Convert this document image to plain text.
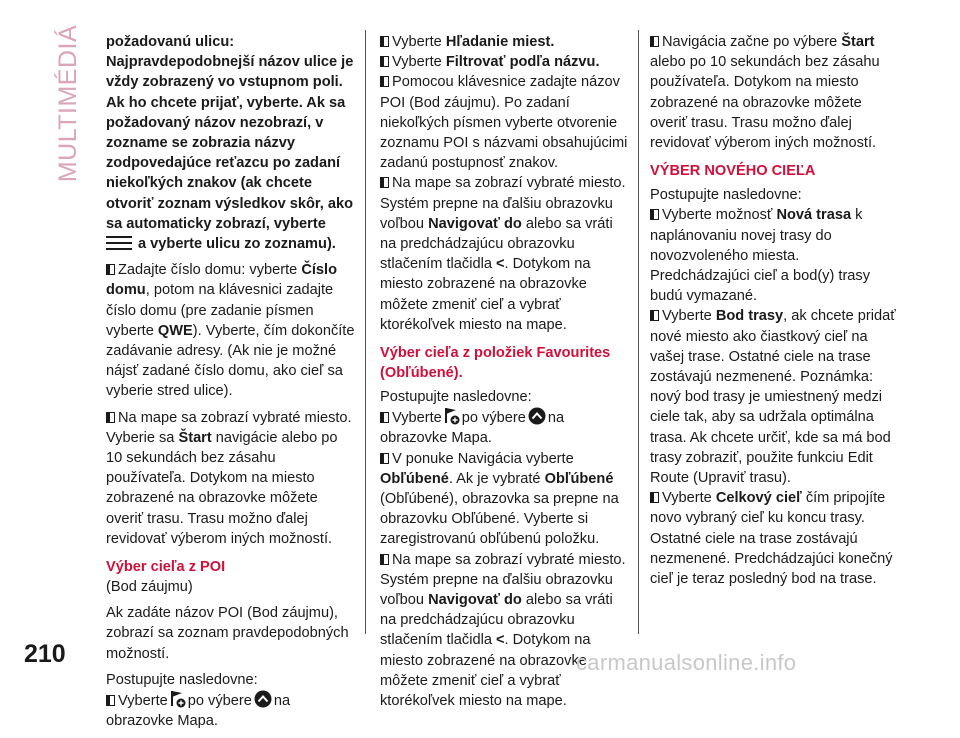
MULTIMÉDIÁ požadovanú ulicu: Najpravdepodobnejší názov ulice je vždy zobrazený vo vstupnom poli. Ak ho chcete prijať, vyberte. Ak sa požadovaný názov nezobrazí, v zozname se zobrazia názvy zodpovedajúce reťazcu po zadaní niekoľkých znakov (ak chcete otvoriť zoznam výsledkov skôr, ako sa automaticky zobrazí, vyberte
a vyberte ulicu zo zoznamu).

Zadajte číslo domu: vyberte Číslo domu, potom na klávesnici zadajte číslo domu (pre zadanie písmen vyberte QWE). Vyberte, čím dokončíte zadávanie adresy. (Ak nie je možné nájsť zadané číslo domu, ako cieľ sa vyberie stred ulice).

Na mape sa zobrazí vybraté miesto. Vyberie sa Štart navigácie alebo po 10 sekundách bez zásahu používateľa. Dotykom na miesto zobrazené na obrazovke môžete overiť trasu. Trasu možno ďalej revidovať výberom iných možností.

Výber cieľa z POI

(Bod záujmu)

Ak zadáte názov POI (Bod záujmu), zobrazí sa zoznam pravdepodobných možností.

Postupujte nasledovne:

Vyberte po výbere na obrazovke Mapa.

Vyberte Hľadanie miest.

Vyberte Filtrovať podľa názvu.

Pomocou klávesnice zadajte názov POI (Bod záujmu). Po zadaní niekoľkých písmen vyberte otvorenie zoznamu POI s názvami obsahujúcimi zadanú postupnosť znakov.

Na mape sa zobrazí vybraté miesto. Systém prepne na ďalšiu obrazovku voľbou Navigovať do alebo sa vráti na predchádzajúcu obrazovku stlačením tlačidla <. Dotykom na miesto zobrazené na obrazovke môžete zmeniť cieľ a vybrať ktorékoľvek miesto na mape.

Výber cieľa z položiek Favourites (Obľúbené).

Postupujte nasledovne:

Vyberte po výbere na obrazovke Mapa.

V ponuke Navigácia vyberte Obľúbené. Ak je vybraté Obľúbené (Obľúbené), obrazovka sa prepne na obrazovku Obľúbené. Vyberte si zaregistrovanú obľúbenú položku.

Na mape sa zobrazí vybraté miesto. Systém prepne na ďalšiu obrazovku voľbou Navigovať do alebo sa vráti na predchádzajúcu obrazovku stlačením tlačidla <. Dotykom na miesto zobrazené na obrazovke môžete zmeniť cieľ a vybrať ktorékoľvek miesto na mape.

Navigácia začne po výbere Štart alebo po 10 sekundách bez zásahu používateľa. Dotykom na miesto zobrazené na obrazovke môžete overiť trasu. Trasu možno ďalej revidovať výberom iných možností.

VÝBER NOVÉHO CIEĽA

Postupujte nasledovne:

Vyberte možnosť Nová trasa k naplánovaniu novej trasy do novozvoleného miesta. Predchádzajúci cieľ a bod(y) trasy budú vymazané.

Vyberte Bod trasy, ak chcete pridať nové miesto ako čiastkový cieľ na vašej trase. Ostatné ciele na trase zostávajú nezmenené. Poznámka: nový bod trasy je umiestnený medzi ciele tak, aby sa udržala optimálna trasa. Ak chcete určiť, kde sa má bod trasy zobraziť, použite funkciu Edit Route (Upraviť trasu).

Vyberte Celkový cieľ čím pripojíte novo vybraný cieľ ku koncu trasy. Ostatné ciele na trase zostávajú nezmenené. Predchádzajúci konečný cieľ je teraz posledný bod na trase.

210	carmanualsonline.info
